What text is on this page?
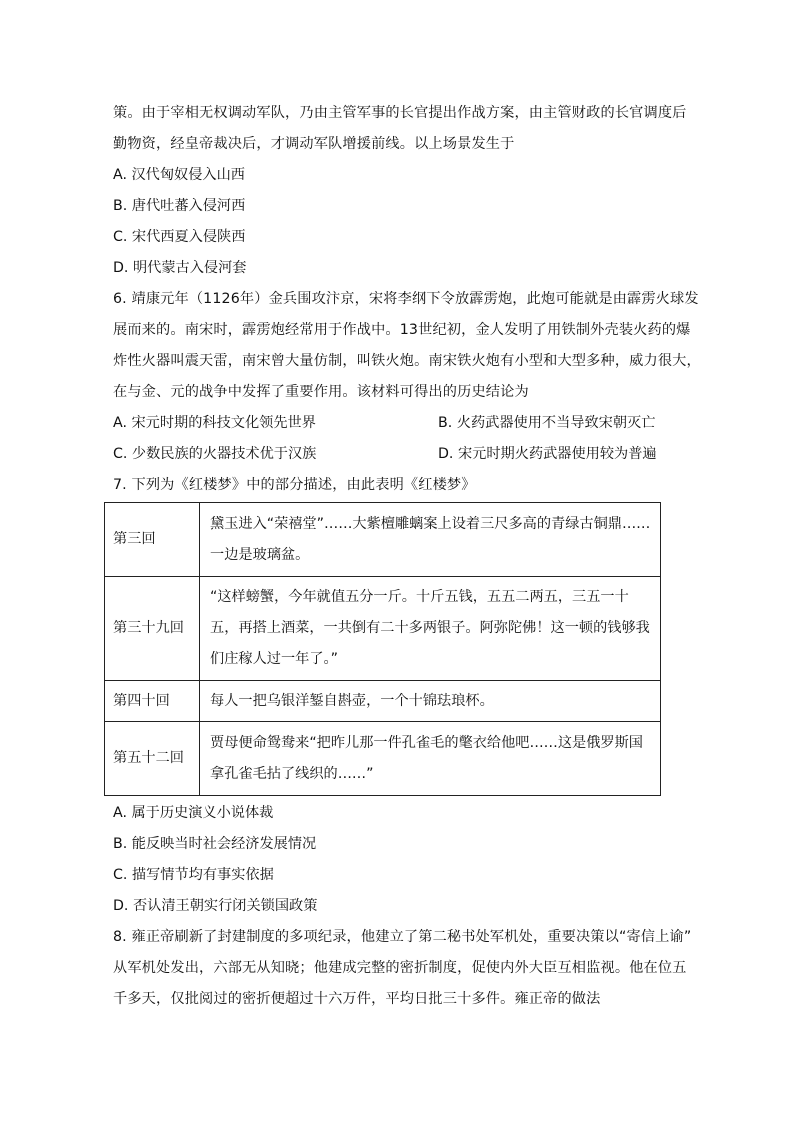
策。由于宰相无权调动军队，乃由主管军事的长官提出作战方案，由主管财政的长官调度后
勤物资，经皇帝裁决后，才调动军队增援前线。以上场景发生于
A. 汉代匈奴侵入山西
B. 唐代吐蕃入侵河西
C. 宋代西夏入侵陕西
D. 明代蒙古入侵河套
6. 靖康元年（1126年）金兵围攻汴京，宋将李纲下令放霹雳炮，此炮可能就是由霹雳火球发
展而来的。南宋时，霹雳炮经常用于作战中。13世纪初，金人发明了用铁制外壳装火药的爆
炸性火器叫震天雷，南宋曾大量仿制，叫铁火炮。南宋铁火炮有小型和大型多种，威力很大，
在与金、元的战争中发挥了重要作用。该材料可得出的历史结论为
A. 宋元时期的科技文化领先世界	B. 火药武器使用不当导致宋朝灭亡
C. 少数民族的火器技术优于汉族	D. 宋元时期火药武器使用较为普遍
7. 下列为《红楼梦》中的部分描述，由此表明《红楼梦》
第三回	黛玉进入“荣禧堂”……大紫檀雕螭案上设着三尺多高的青绿古铜鼎……一边是玻璃盆。
第三十九回	“这样螃蟹，今年就值五分一斤。十斤五钱，五五二两五，三五一十五，再搭上酒菜，一共倒有二十多两银子。阿弥陀佛！这一顿的钱够我们庄稼人过一年了。”
第四十回	每人一把乌银洋錾自斟壶，一个十锦珐琅杯。
第五十二回	贾母便命鸳鸯来“把昨儿那一件孔雀毛的氅衣给他吧……这是俄罗斯国拿孔雀毛拈了线织的……”
A. 属于历史演义小说体裁
B. 能反映当时社会经济发展情况
C. 描写情节均有事实依据
D. 否认清王朝实行闭关锁国政策
8. 雍正帝刷新了封建制度的多项纪录，他建立了第二秘书处军机处，重要决策以“寄信上谕”
从军机处发出，六部无从知晓；他建成完整的密折制度，促使内外大臣互相监视。他在位五
千多天，仅批阅过的密折便超过十六万件，平均日批三十多件。雍正帝的做法
